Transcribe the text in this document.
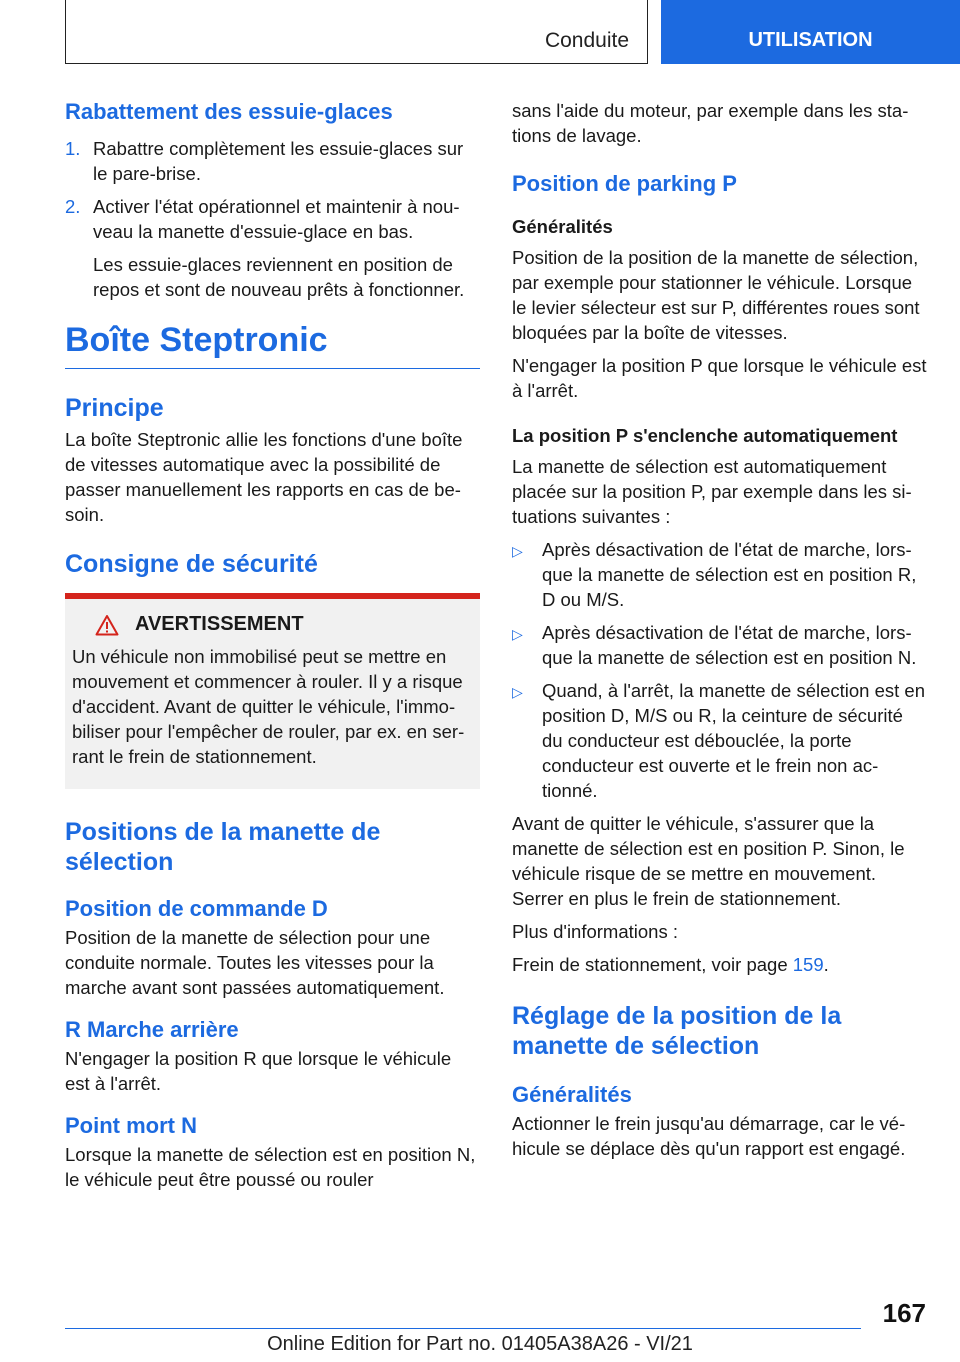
Conduite	UTILISATION
Rabattement des essuie-glaces
1. Rabattre complètement les essuie-glaces sur le pare-brise.
2. Activer l'état opérationnel et maintenir à nouveau la manette d'essuie-glace en bas.

Les essuie-glaces reviennent en position de repos et sont de nouveau prêts à fonctionner.

Boîte Steptronic
Principe

La boîte Steptronic allie les fonctions d'une boîte de vitesses automatique avec la possibilité de passer manuellement les rapports en cas de besoin.

Consigne de sécurité
AVERTISSEMENT

Un véhicule non immobilisé peut se mettre en mouvement et commencer à rouler. Il y a risque d'accident. Avant de quitter le véhicule, l'immobiliser pour l'empêcher de rouler, par ex. en serrant le frein de stationnement.

Positions de la manette de sélection
Position de commande D

Position de la manette de sélection pour une conduite normale. Toutes les vitesses pour la marche avant sont passées automatiquement.

R Marche arrière

N'engager la position R que lorsque le véhicule est à l'arrêt.

Point mort N

Lorsque la manette de sélection est en position N, le véhicule peut être poussé ou rouler

sans l'aide du moteur, par exemple dans les stations de lavage.

Position de parking P
Généralités

Position de la position de la manette de sélection, par exemple pour stationner le véhicule. Lorsque le levier sélecteur est sur P, différentes roues sont bloquées par la boîte de vitesses.

N'engager la position P que lorsque le véhicule est à l'arrêt.

La position P s'enclenche automatiquement

La manette de sélection est automatiquement placée sur la position P, par exemple dans les situations suivantes :

▷ Après désactivation de l'état de marche, lorsque la manette de sélection est en position R, D ou M/S.
▷ Après désactivation de l'état de marche, lorsque la manette de sélection est en position N.
▷ Quand, à l'arrêt, la manette de sélection est en position D, M/S ou R, la ceinture de sécurité du conducteur est débouclée, la porte conducteur est ouverte et le frein non actionné.

Avant de quitter le véhicule, s'assurer que la manette de sélection est en position P. Sinon, le véhicule risque de se mettre en mouvement. Serrer en plus le frein de stationnement.

Plus d'informations :

Frein de stationnement, voir page 159.

Réglage de la position de la manette de sélection
Généralités

Actionner le frein jusqu'au démarrage, car le véhicule se déplace dès qu'un rapport est engagé.

167
Online Edition for Part no. 01405A38A26 - VI/21
